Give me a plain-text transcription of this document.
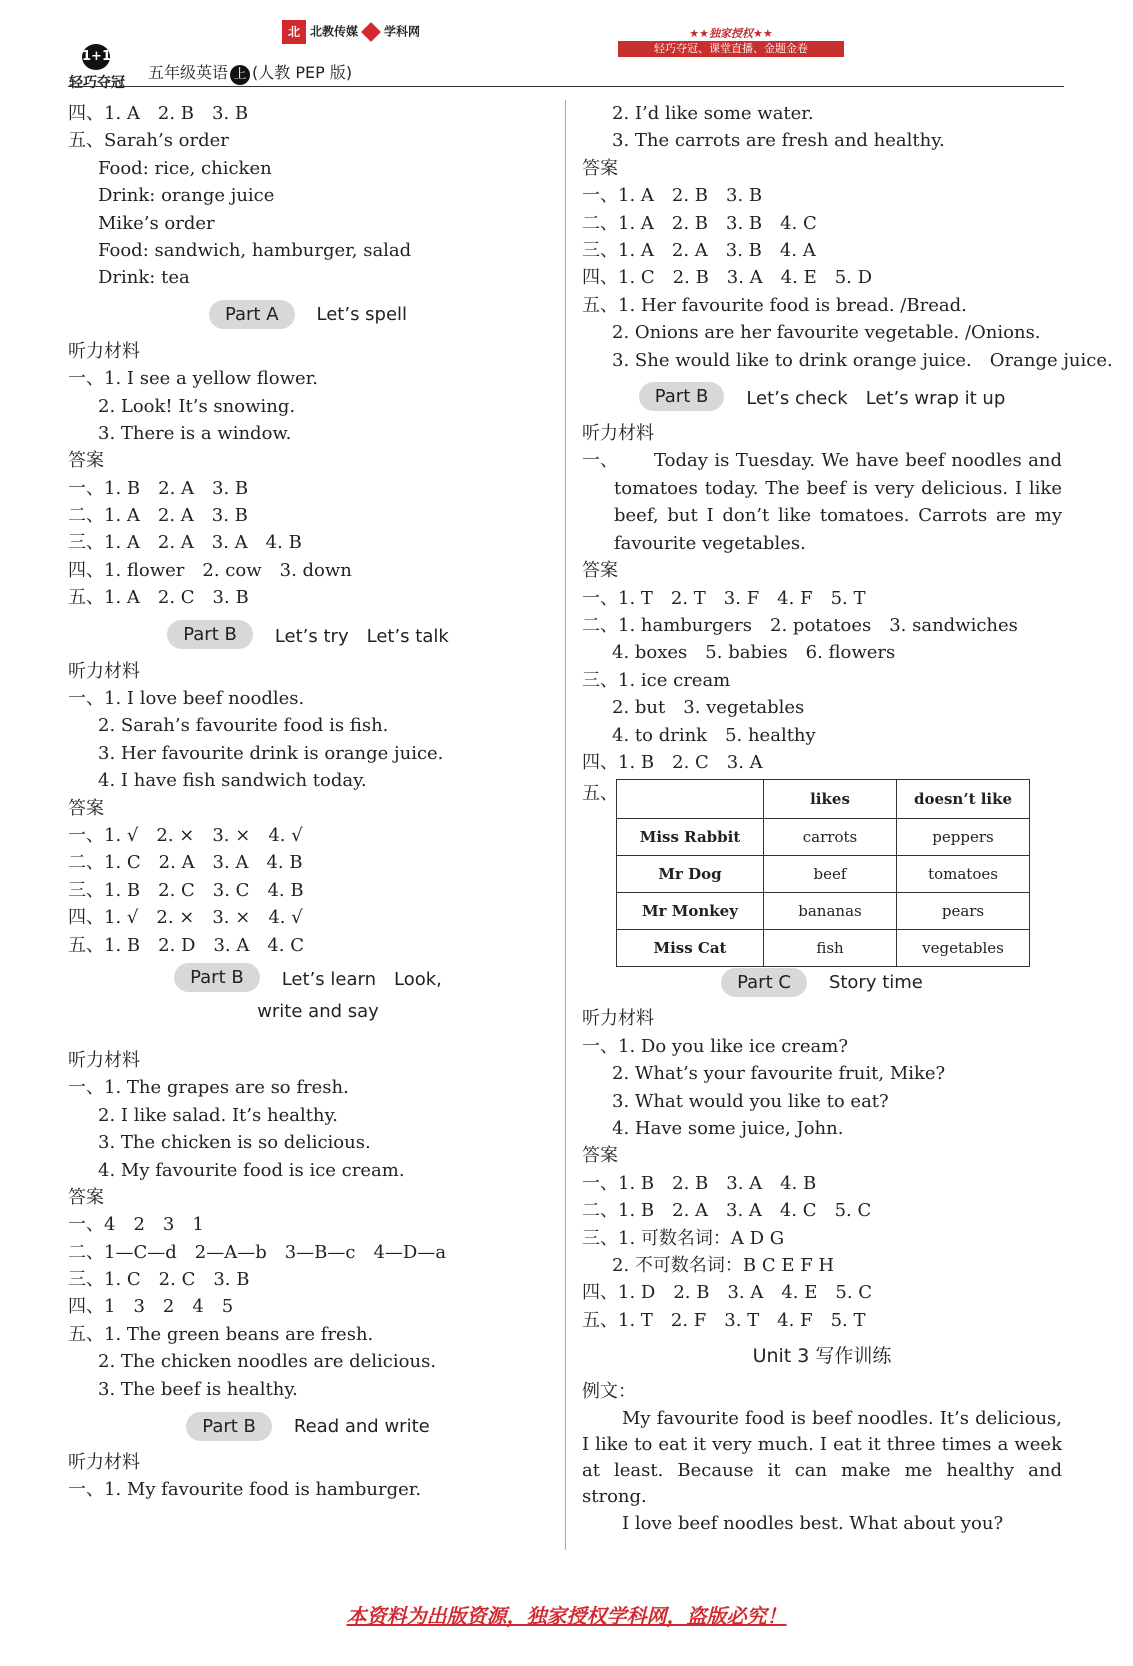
1+1
轻巧夺冠
五年级英语 上 (人教 PEP 版)
北 北教传媒 学科网	★★独家授权★★
轻巧夺冠、课堂直播、金题金卷
四、1. A　2. B　3. B
五、Sarah’s order
Food: rice, chicken
Drink: orange juice
Mike’s order
Food: sandwich, hamburger, salad
Drink: tea
Part A	Let’s spell
听力材料
一、1. I see a yellow flower.
2. Look! It’s snowing.
3. There is a window.
答案
一、1. B　2. A　3. B
二、1. A　2. A　3. B
三、1. A　2. A　3. A　4. B
四、1. flower　2. cow　3. down
五、1. A　2. C　3. B
Part B	Let’s try　Let’s talk
听力材料
一、1. I love beef noodles.
2. Sarah’s favourite food is fish.
3. Her favourite drink is orange juice.
4. I have fish sandwich today.
答案
一、1. √　2. ×　3. ×　4. √
二、1. C　2. A　3. A　4. B
三、1. B　2. C　3. C　4. B
四、1. √　2. ×　3. ×　4. √
五、1. B　2. D　3. A　4. C
Part B	Let’s learn　Look,
write and say
听力材料
一、1. The grapes are so fresh.
2. I like salad. It’s healthy.
3. The chicken is so delicious.
4. My favourite food is ice cream.
答案
一、4　2　3　1
二、1—C—d　2—A—b　3—B—c　4—D—a
三、1. C　2. C　3. B
四、1　3　2　4　5
五、1. The green beans are fresh.
2. The chicken noodles are delicious.
3. The beef is healthy.
Part B	Read and write
听力材料
一、1. My favourite food is hamburger.
2. I’d like some water.
3. The carrots are fresh and healthy.
答案
一、1. A　2. B　3. B
二、1. A　2. B　3. B　4. C
三、1. A　2. A　3. B　4. A
四、1. C　2. B　3. A　4. E　5. D
五、1. Her favourite food is bread. /Bread.
2. Onions are her favourite vegetable. /Onions.
3. She would like to drink orange juice.　Orange juice.
Part B	Let’s check　Let’s wrap it up
听力材料
一、	Today is Tuesday. We have beef noodles and tomatoes today. The beef is very delicious. I like beef, but I don’t like tomatoes. Carrots are my favourite vegetables.
答案
一、1. T　2. T　3. F　4. F　5. T
二、1. hamburgers　2. potatoes　3. sandwiches
4. boxes　5. babies　6. flowers
三、1. ice cream
2. but　3. vegetables
4. to drink　5. healthy
四、1. B　2. C　3. A
五、
		likes	doesn’t like
Miss Rabbit	carrots	peppers
Mr Dog	beef	tomatoes
Mr Monkey	bananas	pears
Miss Cat	fish	vegetables
Part C	Story time
听力材料
一、1. Do you like ice cream?
2. What’s your favourite fruit, Mike?
3. What would you like to eat?
4. Have some juice, John.
答案
一、1. B　2. B　3. A　4. B
二、1. B　2. A　3. A　4. C　5. C
三、1. 可数名词：A D G
2. 不可数名词：B C E F H
四、1. D　2. B　3. A　4. E　5. C
五、1. T　2. F　3. T　4. F　5. T
Unit 3 写作训练
例文：
My favourite food is beef noodles. It’s delicious, I like to eat it very much. I eat it three times a week at least. Because it can make me healthy and strong.
I love beef noodles best. What about you?
本资料为出版资源，独家授权学科网，盗版必究！
